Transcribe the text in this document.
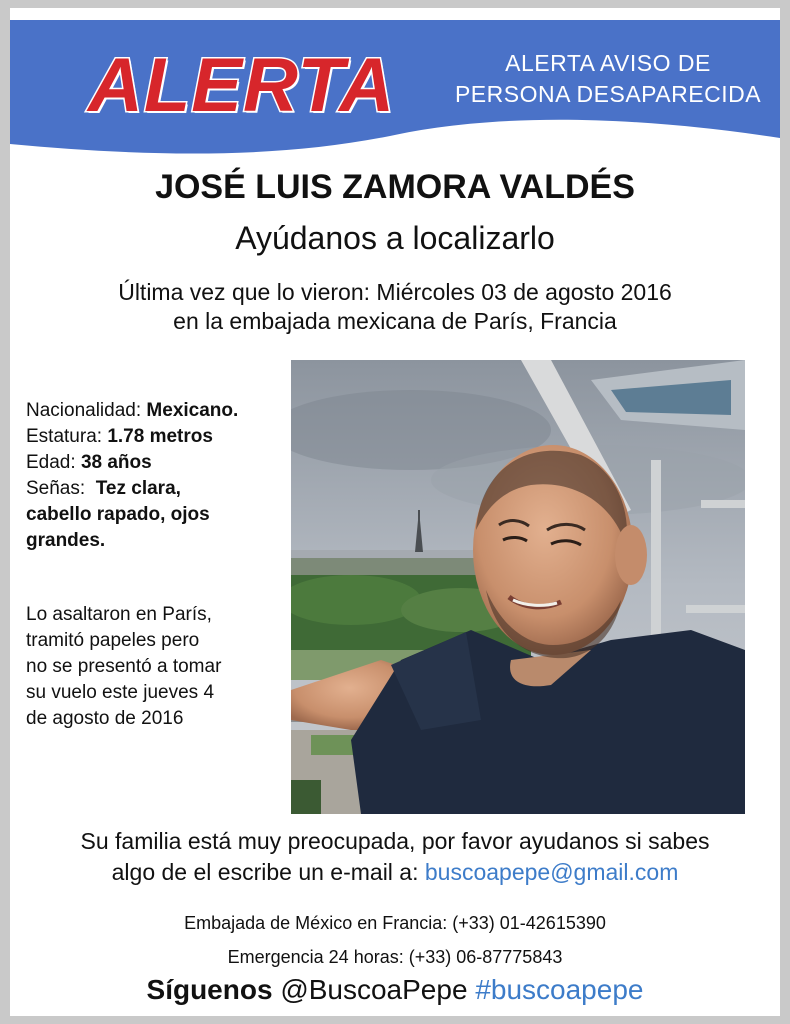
ALERTA	ALERTA AVISO DE
PERSONA DESAPARECIDA
JOSÉ LUIS ZAMORA VALDÉS
Ayúdanos a localizarlo
Última vez que lo vieron: Miércoles 03 de agosto 2016
en la embajada mexicana de París, Francia
Nacionalidad: Mexicano.
Estatura: 1.78 metros
Edad: 38 años
Señas: Tez clara,
cabello rapado, ojos
grandes.
Lo asaltaron en París,
tramitó papeles pero
no se presentó a tomar
su vuelo este jueves 4
de agosto de 2016
Su familia está muy preocupada, por favor ayudanos si sabes
algo de el escribe un e-mail a: buscoapepe@gmail.com
Embajada de México en Francia: (+33) 01-42615390
Emergencia 24 horas: (+33) 06-87775843
Síguenos @BuscoaPepe #buscoapepe
